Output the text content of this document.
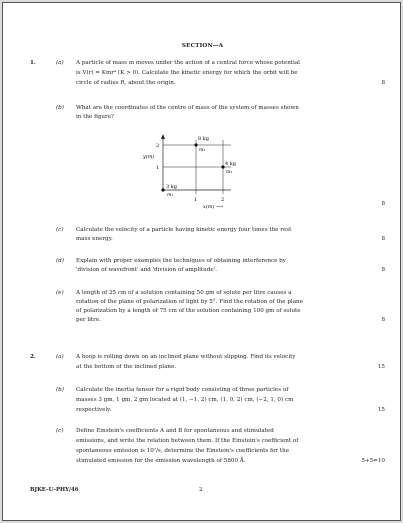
SECTION—A
1.	(a) A particle of mass m moves under the action of a central force whose potential
is V(r) = Kmr⁴ (K > 0). Calculate the kinetic energy for which the orbit will be
circle of radius R, about the origin.	8
(b) What are the coordinates of the centre of mass of the system of masses shown
in the figure?
2
1
1	2
y(m)
x(m) ⟶
8 kg
m₃
4 kg
m₂
3 kg
m₁
8
(c) Calculate the velocity of a particle having kinetic energy four times the rest
mass energy.	8
(d) Explain with proper examples the techniques of obtaining interference by
'division of wavefront' and 'division of amplitude'.	8
(e) A length of 25 cm of a solution containing 50 gm of solute per litre causes a
rotation of the plane of polarization of light by 5°. Find the rotation of the plane
of polarization by a length of 75 cm of the solution containing 100 gm of solute
per litre.	8
2.	(a) A hoop is rolling down on an inclined plane without slipping. Find its velocity
at the bottom of the inclined plane.	15
(b) Calculate the inertia tensor for a rigid body consisting of three particles of
masses 3 gm, 1 gm, 2 gm located at (1, −1, 2) cm, (1, 0, 2) cm, (−2, 1, 0) cm
respectively.	15
(c) Define Einstein's coefficients A and B for spontaneous and stimulated
emissions, and write the relation between them. If the Einstein's coefficient of
spontaneous emission is 10⁷/s, determine the Einstein's coefficients for the
stimulated emission for the emission wavelength of 5800 Å.	5+5=10
BJKE–U–PHY/46	2
